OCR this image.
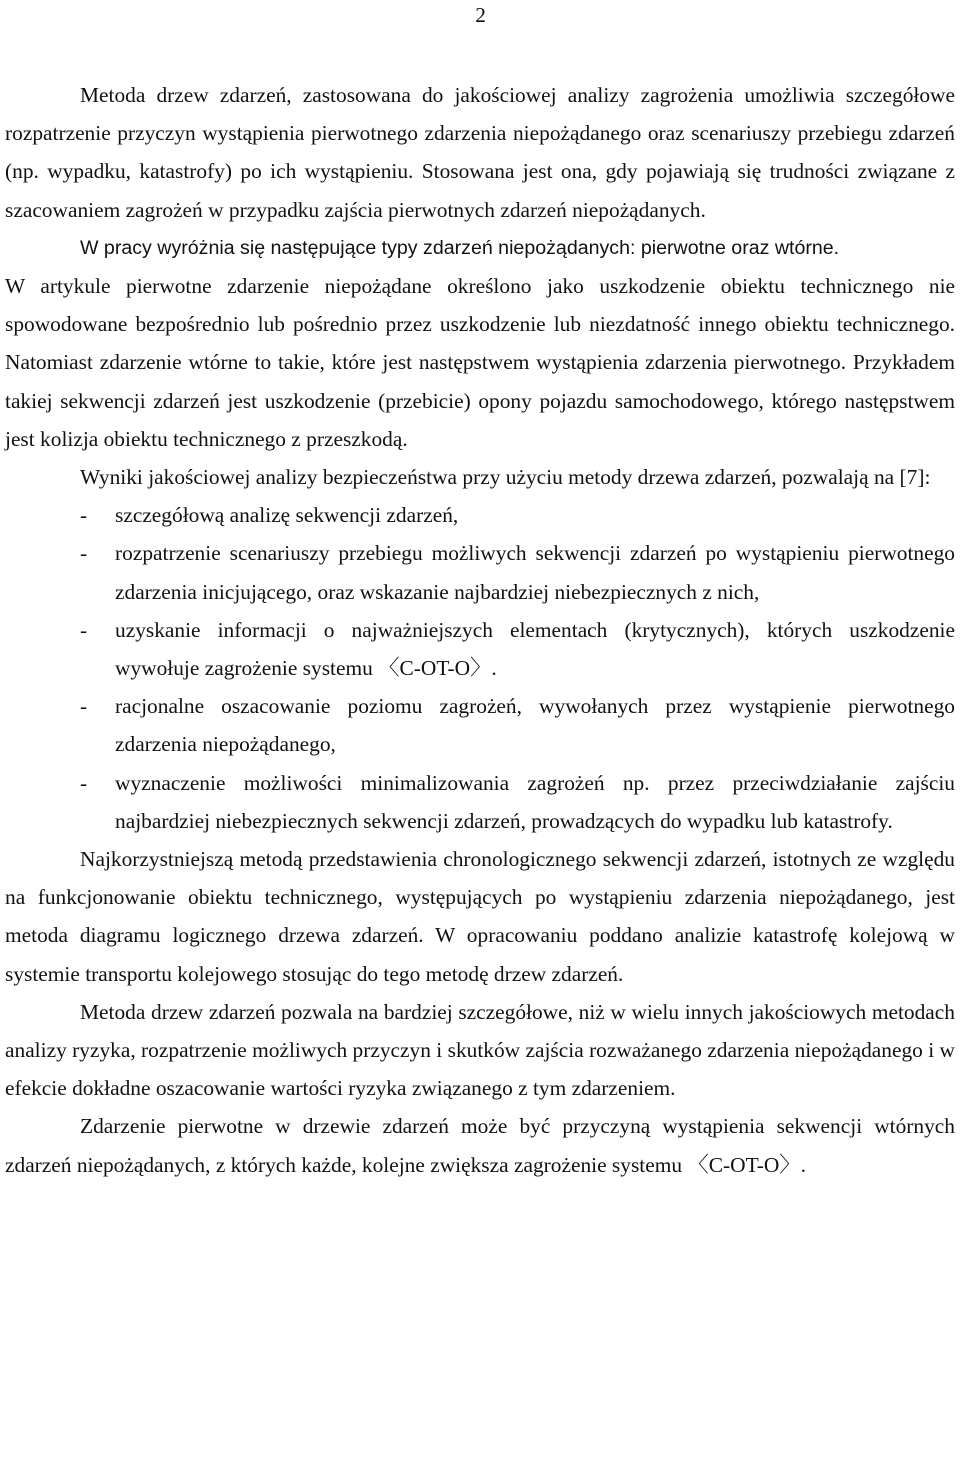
2

Metoda drzew zdarzeń, zastosowana do jakościowej analizy zagrożenia umożliwia szczegółowe rozpatrzenie przyczyn wystąpienia pierwotnego zdarzenia niepożądanego oraz scenariuszy przebiegu zdarzeń (np. wypadku, katastrofy) po ich wystąpieniu. Stosowana jest ona, gdy pojawiają się trudności związane z szacowaniem zagrożeń w przypadku zajścia pierwotnych zdarzeń niepożądanych.

W pracy wyróżnia się następujące typy zdarzeń niepożądanych: pierwotne oraz wtórne.

W artykule pierwotne zdarzenie niepożądane określono jako uszkodzenie obiektu technicznego nie spowodowane bezpośrednio lub pośrednio przez uszkodzenie lub niezdatność innego obiektu technicznego. Natomiast zdarzenie wtórne to takie, które jest następstwem wystąpienia zdarzenia pierwotnego. Przykładem takiej sekwencji zdarzeń jest uszkodzenie (przebicie) opony pojazdu samochodowego, którego następstwem jest kolizja obiektu technicznego z przeszkodą.

Wyniki jakościowej analizy bezpieczeństwa przy użyciu metody drzewa zdarzeń, pozwalają na [7]:

- szczegółową analizę sekwencji zdarzeń,
- rozpatrzenie scenariuszy przebiegu możliwych sekwencji zdarzeń po wystąpieniu pierwotnego zdarzenia inicjującego, oraz wskazanie najbardziej niebezpiecznych z nich,
- uzyskanie informacji o najważniejszych elementach (krytycznych), których uszkodzenie wywołuje zagrożenie systemu 〈C-OT-O〉.
- racjonalne oszacowanie poziomu zagrożeń, wywołanych przez wystąpienie pierwotnego zdarzenia niepożądanego,
- wyznaczenie możliwości minimalizowania zagrożeń np. przez przeciwdziałanie zajściu najbardziej niebezpiecznych sekwencji zdarzeń, prowadzących do wypadku lub katastrofy.

Najkorzystniejszą metodą przedstawienia chronologicznego sekwencji zdarzeń, istotnych ze względu na funkcjonowanie obiektu technicznego, występujących po wystąpieniu zdarzenia niepożądanego, jest metoda diagramu logicznego drzewa zdarzeń. W opracowaniu poddano analizie katastrofę kolejową w systemie transportu kolejowego stosując do tego metodę drzew zdarzeń.

Metoda drzew zdarzeń pozwala na bardziej szczegółowe, niż w wielu innych jakościowych metodach analizy ryzyka, rozpatrzenie możliwych przyczyn i skutków zajścia rozważanego zdarzenia niepożądanego i w efekcie dokładne oszacowanie wartości ryzyka związanego z tym zdarzeniem.

Zdarzenie pierwotne w drzewie zdarzeń może być przyczyną wystąpienia sekwencji wtórnych zdarzeń niepożądanych, z których każde, kolejne zwiększa zagrożenie systemu 〈C-OT-O〉.
